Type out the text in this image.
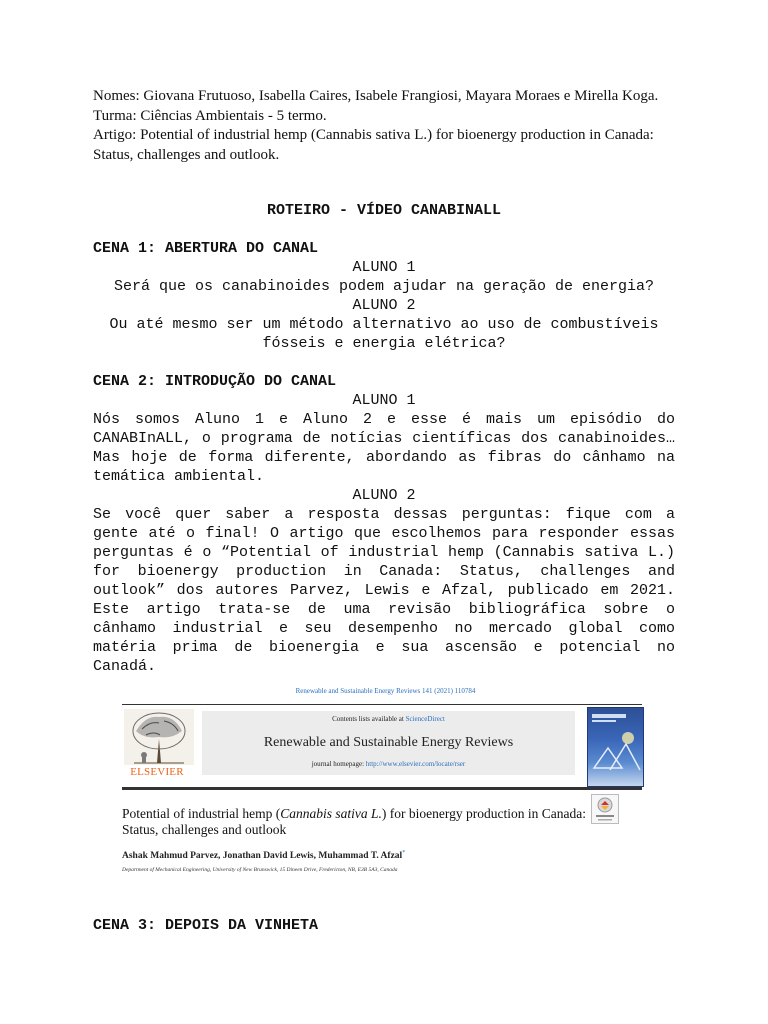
Nomes: Giovana Frutuoso, Isabella Caires, Isabele Frangiosi, Mayara Moraes e Mirella Koga.

Turma: Ciências Ambientais - 5 termo.

Artigo: Potential of industrial hemp (Cannabis sativa L.) for bioenergy production in Canada: Status, challenges and outlook.

ROTEIRO - VÍDEO CANABINALL

CENA 1: ABERTURA DO CANAL

ALUNO 1

Será que os canabinoides podem ajudar na geração de energia?

ALUNO 2

Ou até mesmo ser um método alternativo ao uso de combustíveis fósseis e energia elétrica?

CENA 2: INTRODUÇÃO DO CANAL

ALUNO 1

Nós somos Aluno 1 e Aluno 2 e esse é mais um episódio do CANABInALL, o programa de notícias científicas dos canabinoides… Mas hoje de forma diferente, abordando as fibras do cânhamo na temática ambiental.

ALUNO 2

Se você quer saber a resposta dessas perguntas: fique com a gente até o final! O artigo que escolhemos para responder essas perguntas é o “Potential of industrial hemp (Cannabis sativa L.) for bioenergy production in Canada: Status, challenges and outlook” dos autores Parvez, Lewis e Afzal, publicado em 2021. Este artigo trata-se de uma revisão bibliográfica sobre o cânhamo industrial e seu desempenho no mercado global como matéria prima de bioenergia e sua ascensão e potencial no Canadá.

Renewable and Sustainable Energy Reviews 141 (2021) 110784
ELSEVIER
Contents lists available at ScienceDirect
Renewable and Sustainable Energy Reviews
journal homepage: http://www.elsevier.com/locate/rser
Potential of industrial hemp (Cannabis sativa L.) for bioenergy production in Canada: Status, challenges and outlook
Ashak Mahmud Parvez, Jonathan David Lewis, Muhammad T. Afzal*
Department of Mechanical Engineering, University of New Brunswick, 15 Dineen Drive, Fredericton, NB, E3B 5A3, Canada

CENA 3: DEPOIS DA VINHETA
